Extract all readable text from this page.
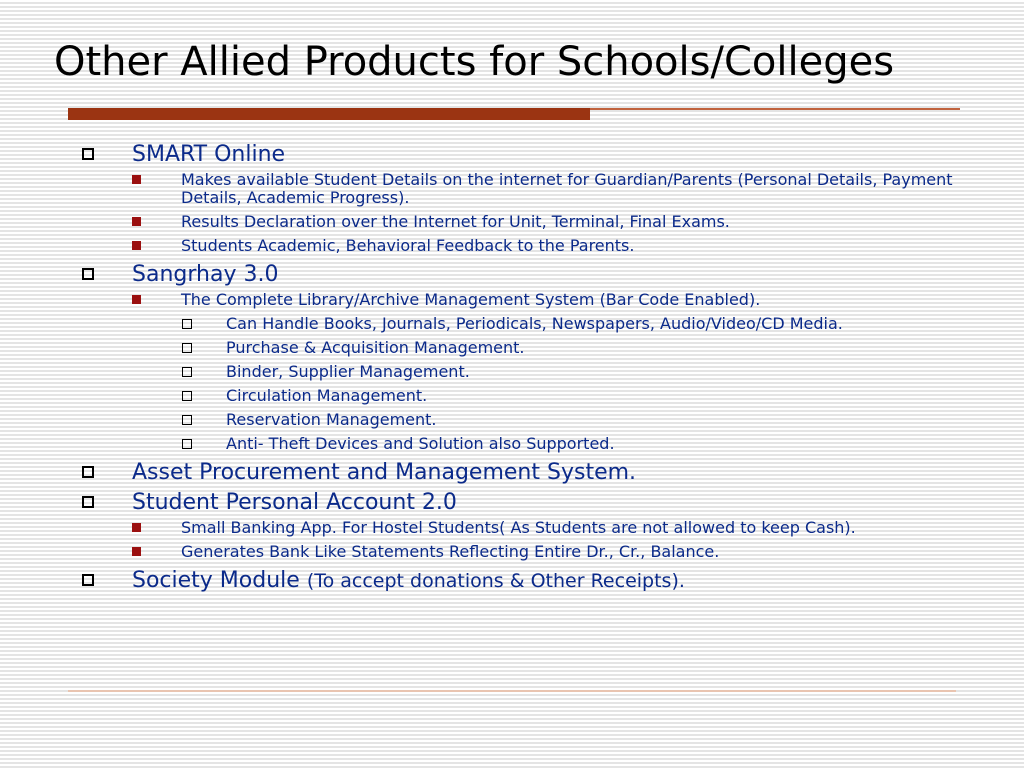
Other Allied Products for Schools/Colleges
SMART Online
Makes available Student Details on the internet for Guardian/Parents (Personal Details, Payment Details, Academic Progress).
Results Declaration over the Internet for Unit, Terminal, Final Exams.
Students Academic, Behavioral Feedback to the Parents.
Sangrhay 3.0
The Complete Library/Archive Management System (Bar Code Enabled).
Can Handle Books, Journals, Periodicals, Newspapers, Audio/Video/CD Media.
Purchase & Acquisition Management.
Binder, Supplier Management.
Circulation Management.
Reservation Management.
Anti- Theft Devices and Solution also Supported.
Asset Procurement and Management System.
Student Personal Account 2.0
Small Banking App. For Hostel Students( As Students are not allowed to keep Cash).
Generates Bank Like Statements Reflecting Entire Dr., Cr., Balance.
Society Module (To accept donations & Other Receipts).
